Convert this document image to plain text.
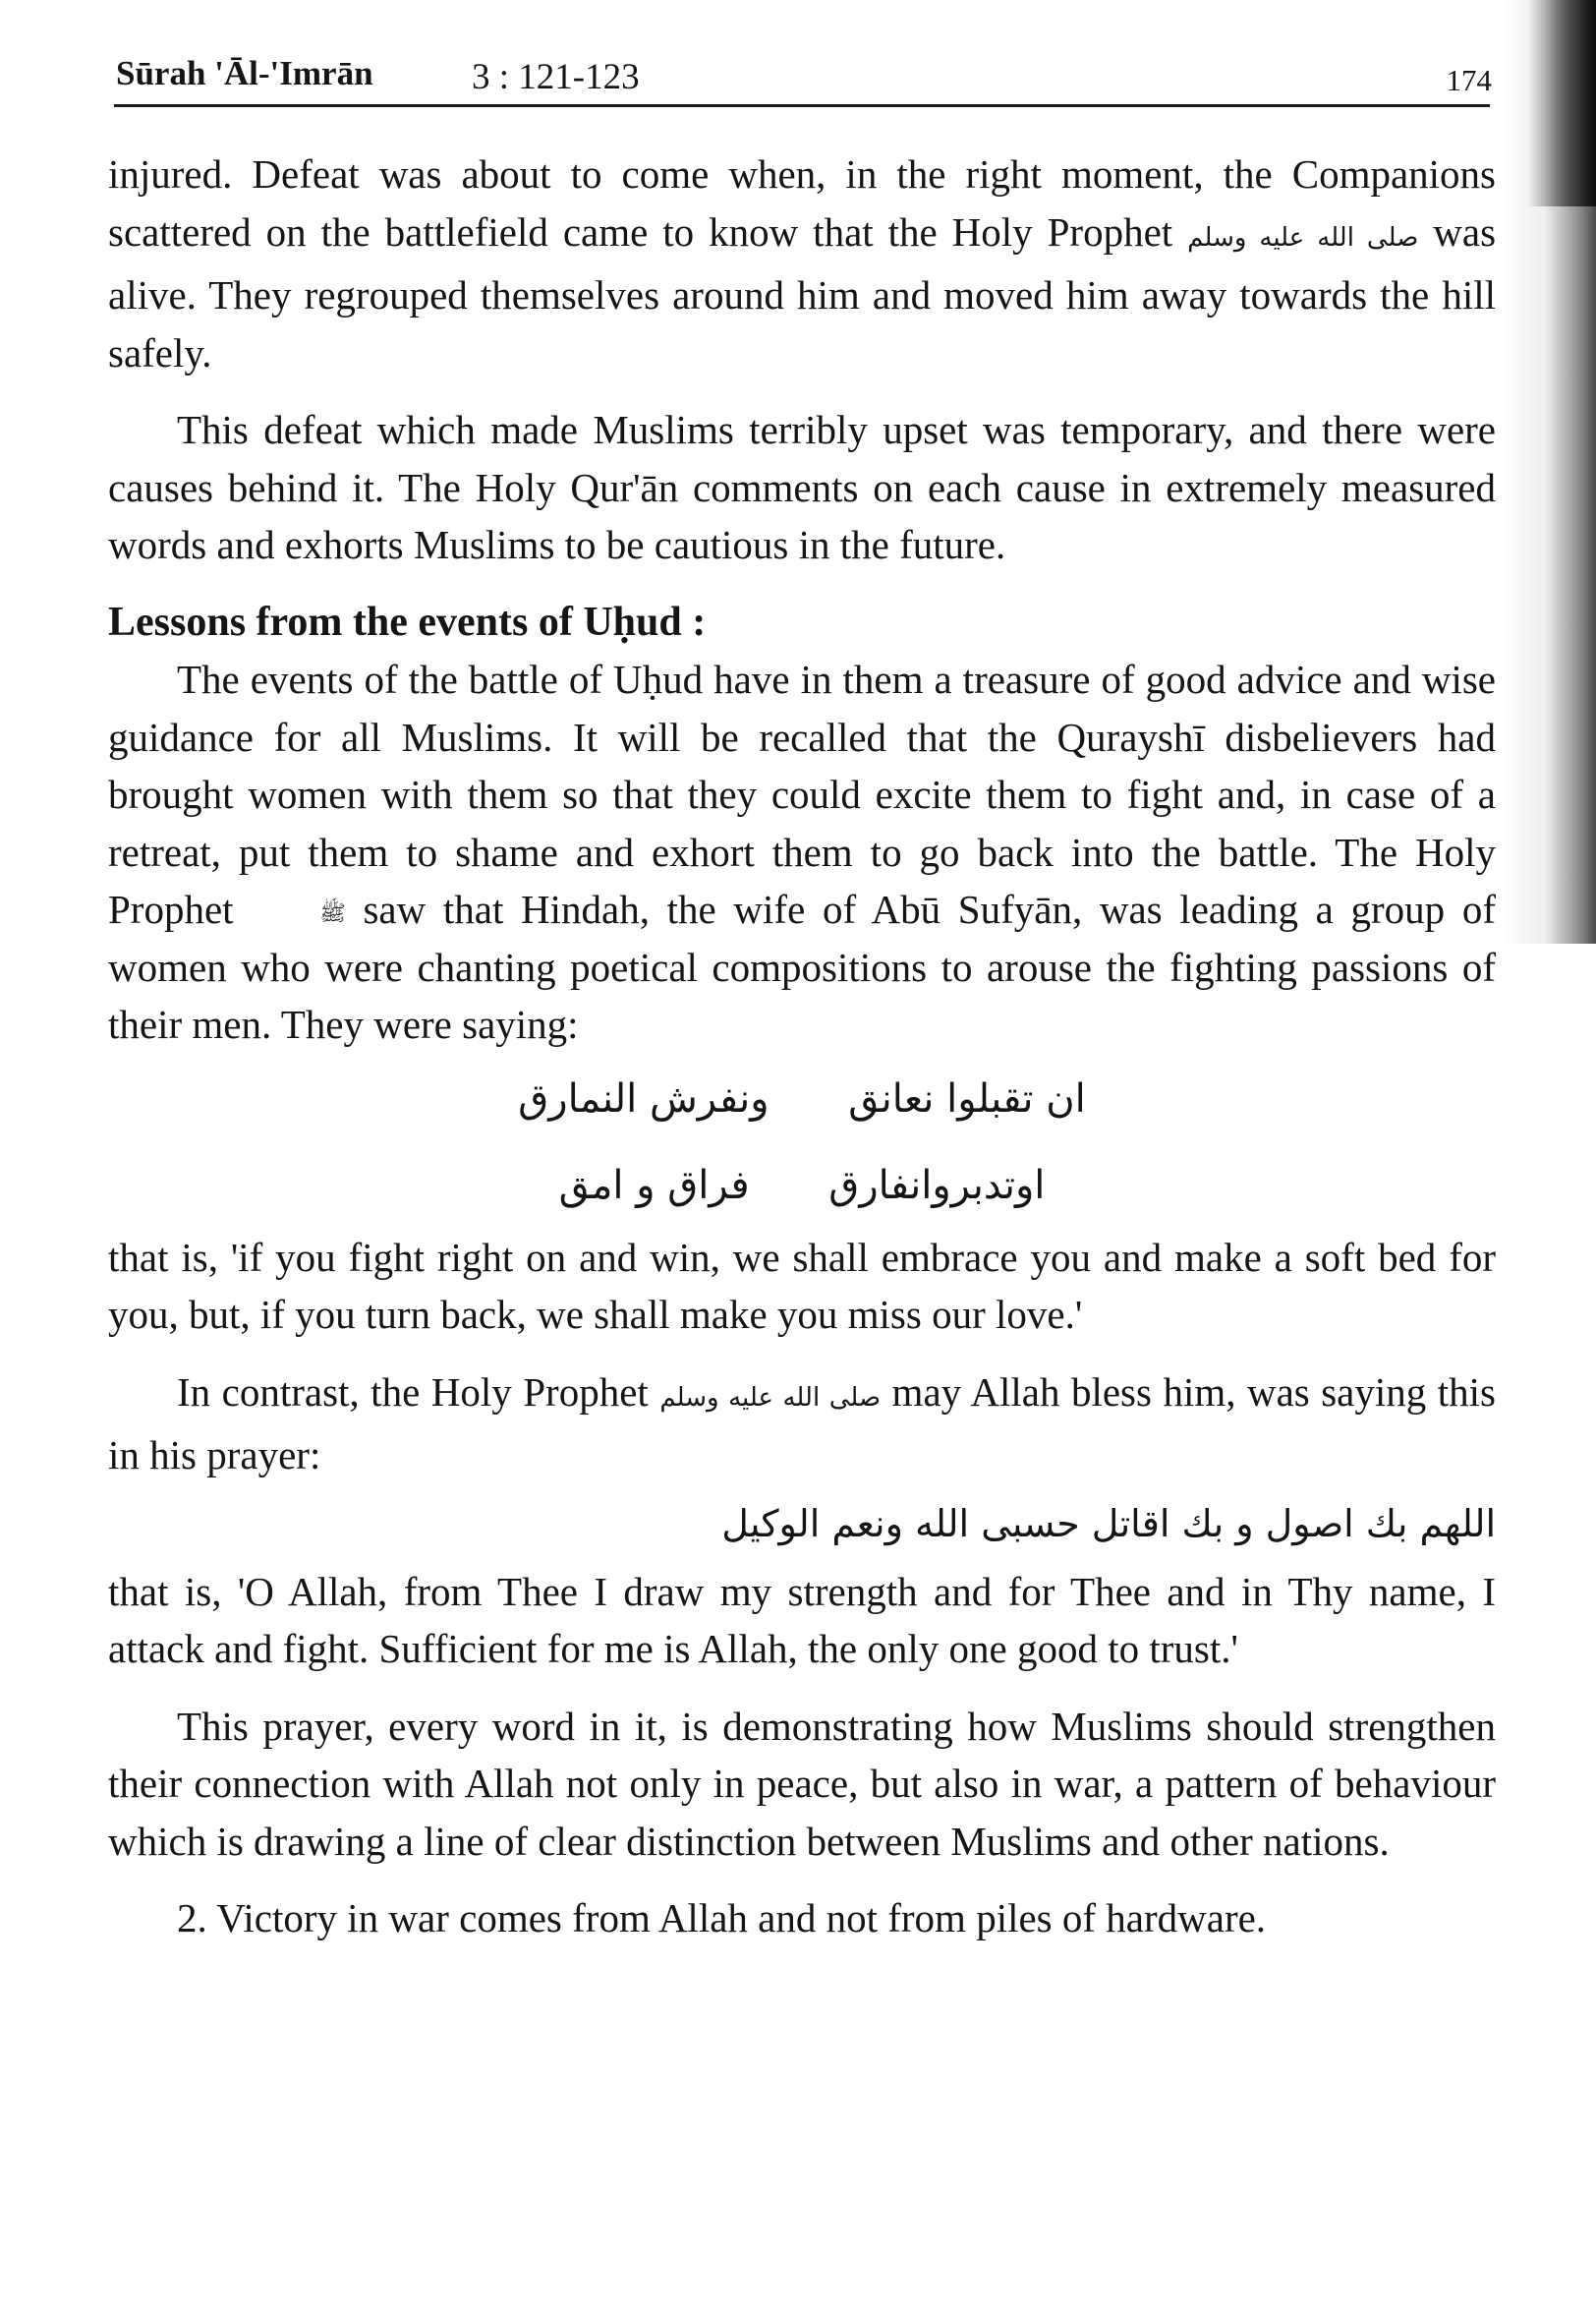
Sūrah 'Āl-'Imrān	3 : 121-123	174

injured. Defeat was about to come when, in the right moment, the Companions scattered on the battlefield came to know that the Holy Prophet صلى الله عليه وسلم was alive. They regrouped themselves around him and moved him away towards the hill safely.

This defeat which made Muslims terribly upset was temporary, and there were causes behind it. The Holy Qur'ān comments on each cause in extremely measured words and exhorts Muslims to be cautious in the future.

Lessons from the events of Uḥud :

The events of the battle of Uḥud have in them a treasure of good advice and wise guidance for all Muslims. It will be recalled that the Qurayshī disbelievers had brought women with them so that they could excite them to fight and, in case of a retreat, put them to shame and exhort them to go back into the battle. The Holy Prophet	ﷺ saw that Hindah, the wife of Abū Sufyān, was leading a group of women who were chanting poetical compositions to arouse the fighting passions of their men. They were saying:

ان تقبلوا نعانق ونفرش النمارق
اوتدبروانفارق فراق و امق

that is, 'if you fight right on and win, we shall embrace you and make a soft bed for you, but, if you turn back, we shall make you miss our love.'

In contrast, the Holy Prophet صلى الله عليه وسلم may Allah bless him, was saying this in his prayer:

اللهم بك اصول و بك اقاتل حسبى الله ونعم الوكيل

that is, 'O Allah, from Thee I draw my strength and for Thee and in Thy name, I attack and fight. Sufficient for me is Allah, the only one good to trust.'

This prayer, every word in it, is demonstrating how Muslims should strengthen their connection with Allah not only in peace, but also in war, a pattern of behaviour which is drawing a line of clear distinction between Muslims and other nations.

2. Victory in war comes from Allah and not from piles of hardware.
